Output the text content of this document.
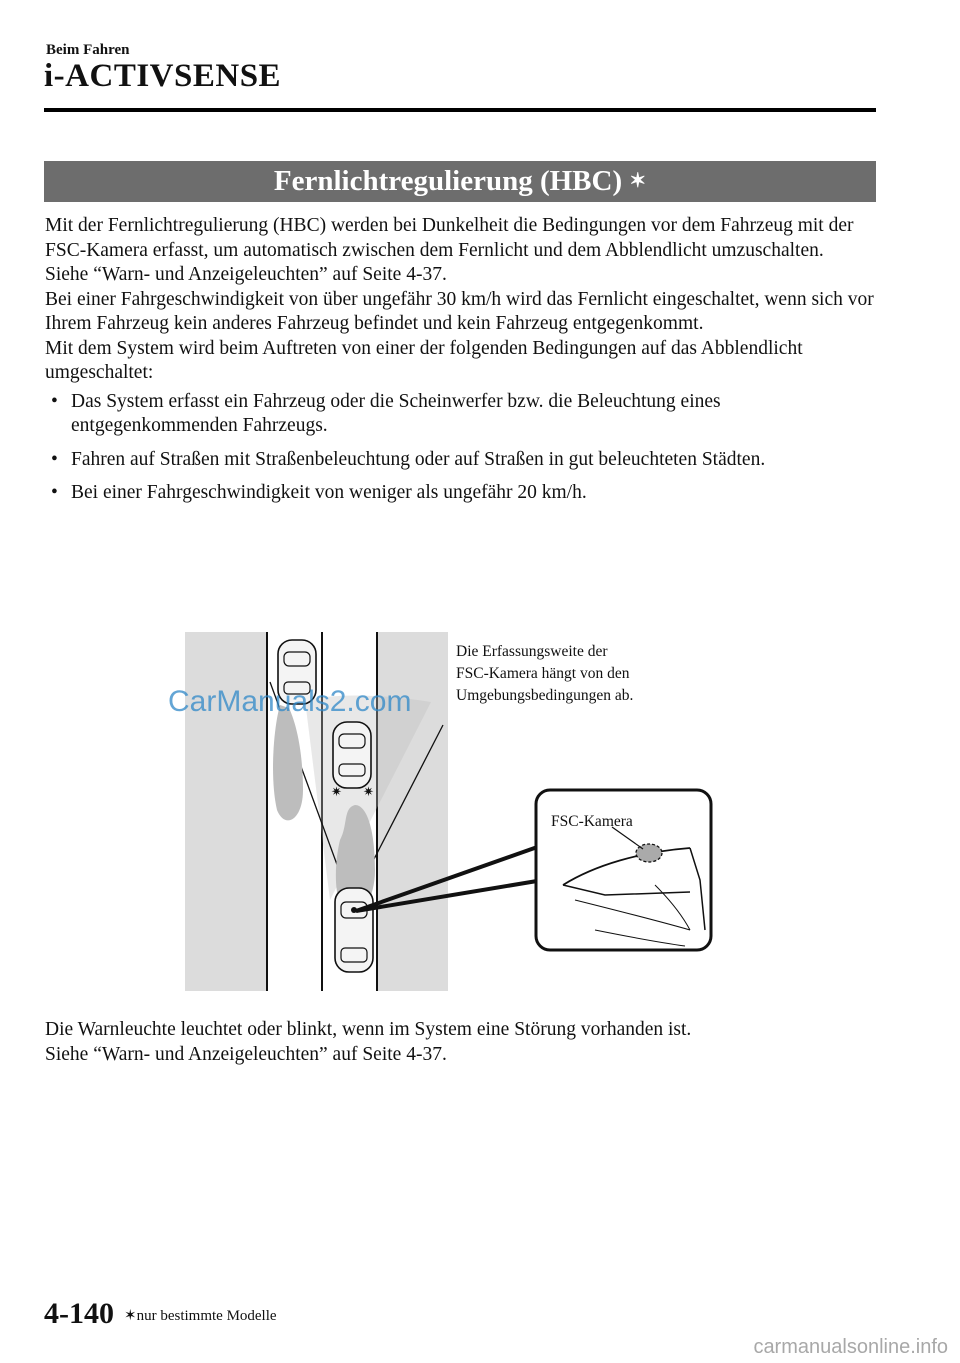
Beim Fahren
i-ACTIVSENSE
Fernlichtregulierung (HBC) ✶

Mit der Fernlichtregulierung (HBC) werden bei Dunkelheit die Bedingungen vor dem Fahrzeug mit der FSC-Kamera erfasst, um automatisch zwischen dem Fernlicht und dem Abblendlicht umzuschalten.

Siehe “Warn- und Anzeigeleuchten” auf Seite 4-37.

Bei einer Fahrgeschwindigkeit von über ungefähr 30 km/h wird das Fernlicht eingeschaltet, wenn sich vor Ihrem Fahrzeug kein anderes Fahrzeug befindet und kein Fahrzeug entgegenkommt.

Mit dem System wird beim Auftreten von einer der folgenden Bedingungen auf das Abblendlicht umgeschaltet:

• Das System erfasst ein Fahrzeug oder die Scheinwerfer bzw. die Beleuchtung eines entgegenkommenden Fahrzeugs.
• Fahren auf Straßen mit Straßenbeleuchtung oder auf Straßen in gut beleuchteten Städten.
• Bei einer Fahrgeschwindigkeit von weniger als ungefähr 20 km/h.
✷ ✷
Die Erfassungsweite der
FSC-Kamera hängt von den
Umgebungsbedingungen ab.
FSC-Kamera
CarManuals2.com

Die Warnleuchte leuchtet oder blinkt, wenn im System eine Störung vorhanden ist.

Siehe “Warn- und Anzeigeleuchten” auf Seite 4-37.

4-140 ✶nur bestimmte Modelle
carmanualsonline.info
